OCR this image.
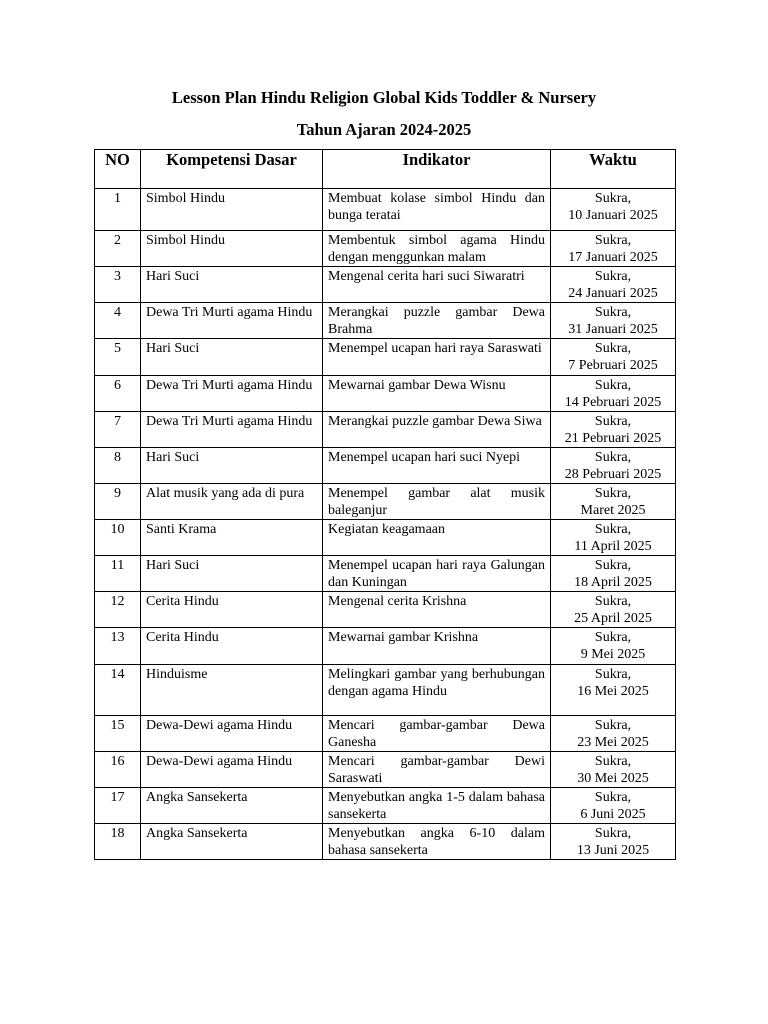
Lesson Plan Hindu Religion Global Kids Toddler & Nursery
Tahun Ajaran 2024-2025
NO	Kompetensi Dasar	Indikator	Waktu
1	Simbol Hindu	Membuat kolase simbol Hindu dan bunga teratai	Sukra,
10 Januari 2025

2	Simbol Hindu	Membentuk simbol agama Hindu dengan menggunkan malam	Sukra,
17 Januari 2025

3	Hari Suci	Mengenal cerita hari suci Siwaratri	Sukra,
24 Januari 2025

4	Dewa Tri Murti agama Hindu	Merangkai puzzle gambar Dewa Brahma	Sukra,
31 Januari 2025

5	Hari Suci	Menempel ucapan hari raya Saraswati	Sukra,
7 Pebruari 2025

6	Dewa Tri Murti agama Hindu	Mewarnai gambar Dewa Wisnu	Sukra,
14 Pebruari 2025

7	Dewa Tri Murti agama Hindu	Merangkai puzzle gambar Dewa Siwa	Sukra,
21 Pebruari 2025

8	Hari Suci	Menempel ucapan hari suci Nyepi	Sukra,
28 Pebruari 2025

9	Alat musik yang ada di pura	Menempel gambar alat musik baleganjur	Sukra,
Maret 2025

10	Santi Krama	Kegiatan keagamaan	Sukra,
11 April 2025

11	Hari Suci	Menempel ucapan hari raya Galungan dan Kuningan	Sukra,
18 April 2025

12	Cerita Hindu	Mengenal cerita Krishna	Sukra,
25 April 2025

13	Cerita Hindu	Mewarnai gambar Krishna	Sukra,
9 Mei 2025

14	Hinduisme	Melingkari gambar yang berhubungan dengan agama Hindu	Sukra,
16 Mei 2025

15	Dewa-Dewi agama Hindu	Mencari gambar-gambar Dewa Ganesha	Sukra,
23 Mei 2025

16	Dewa-Dewi agama Hindu	Mencari gambar-gambar Dewi Saraswati	Sukra,
30 Mei 2025

17	Angka Sansekerta	Menyebutkan angka 1-5 dalam bahasa sansekerta	Sukra,
6 Juni 2025

18	Angka Sansekerta	Menyebutkan angka 6-10 dalam bahasa sansekerta	Sukra,
13 Juni 2025
